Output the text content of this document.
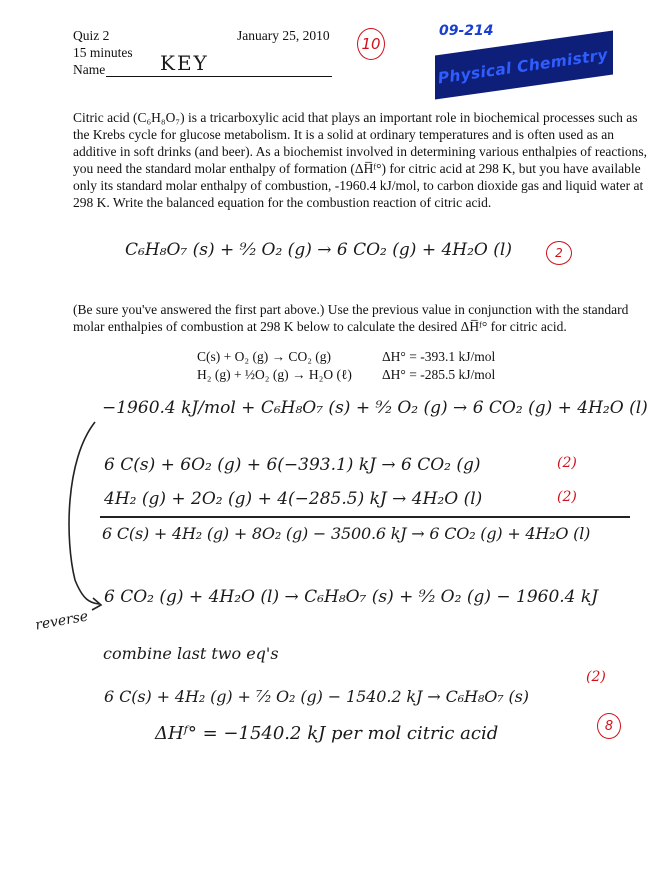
Quiz 2
15 minutes
Name	KEY
January 25, 2010 10
09-214
Physical Chemistry
Citric acid (C₆H₈O₇) is a tricarboxylic acid that plays an important role in biochemical processes such as the Krebs cycle for glucose metabolism. It is a solid at ordinary temperatures and is often used as an additive in soft drinks (and beer). As a biochemist involved in determining various enthalpies of reactions, you need the standard molar enthalpy of formation (ΔH̅ᶠ°) for citric acid at 298 K, but you have available only its standard molar enthalpy of combustion, -1960.4 kJ/mol, to carbon dioxide gas and liquid water at 298 K. Write the balanced equation for the combustion reaction of citric acid.
C₆H₈O₇ (s) + ⁹⁄₂ O₂ (g) → 6 CO₂ (g) + 4H₂O (l)	2
(Be sure you've answered the first part above.) Use the previous value in conjunction with the standard molar enthalpies of combustion at 298 K below to calculate the desired ΔH̅ᶠ° for citric acid.
C(s) + O₂ (g) → CO₂ (g)	ΔH° = -393.1 kJ/mol
H₂ (g) + ½O₂ (g) → H₂O (ℓ) ΔH° = -285.5 kJ/mol
−1960.4 kJ/mol + C₆H₈O₇ (s) + ⁹⁄₂ O₂ (g) → 6 CO₂ (g) + 4H₂O (l)
6 C(s) + 6O₂ (g) + 6(−393.1) kJ → 6 CO₂ (g)	(2)
4H₂ (g) + 2O₂ (g) + 4(−285.5) kJ → 4H₂O (l)	(2)
6 C(s) + 4H₂ (g) + 8O₂ (g) − 3500.6 kJ → 6 CO₂ (g) + 4H₂O (l)
6 CO₂ (g) + 4H₂O (l) → C₆H₈O₇ (s) + ⁹⁄₂ O₂ (g) − 1960.4 kJ
reverse
combine last two eq's
6 C(s) + 4H₂ (g) + ⁷⁄₂ O₂ (g) − 1540.2 kJ → C₆H₈O₇ (s)
(2)
ΔHᶠ° = −1540.2 kJ per mol citric acid	8
